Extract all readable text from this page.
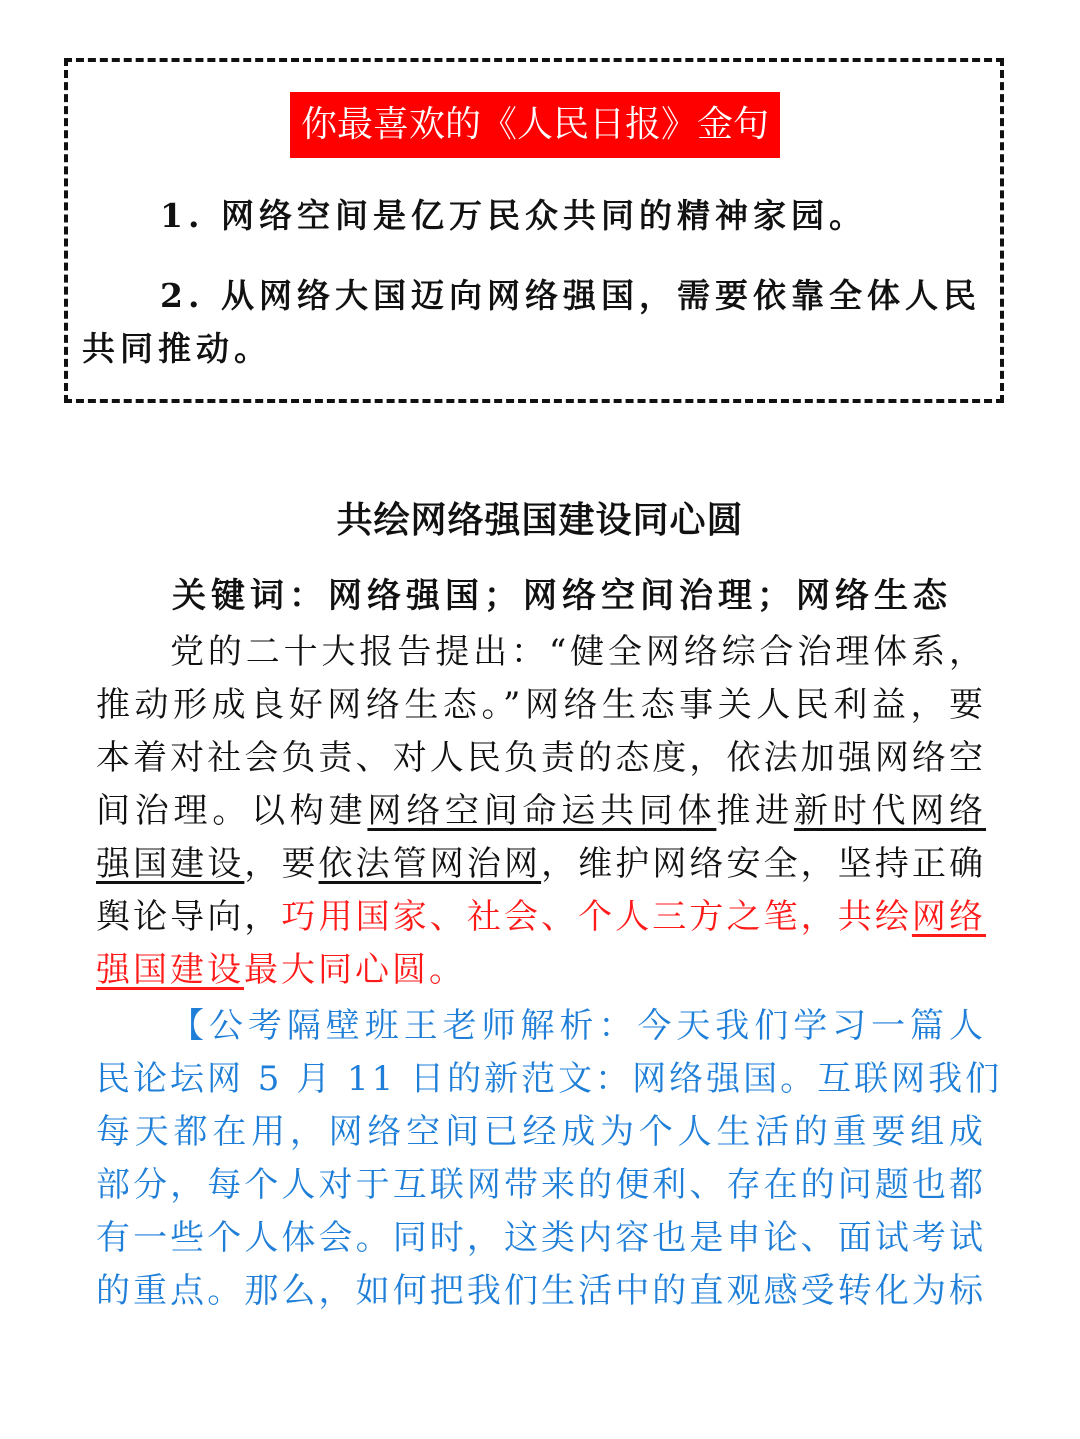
你最喜欢的《人民日报》金句
1. 网络空间是亿万民众共同的精神家园。
2. 从网络大国迈向网络强国，需要依靠全体人民
共同推动。
共绘网络强国建设同心圆
关键词：网络强国；网络空间治理；网络生态
党的二十大报告提出：“健全网络综合治理体系，
推动形成良好网络生态。”网络生态事关人民利益，要
本着对社会负责、对人民负责的态度，依法加强网络空
间治理。以构建网络空间命运共同体推进新时代网络
强国建设，要依法管网治网，维护网络安全，坚持正确
舆论导向，巧用国家、社会、个人三方之笔，共绘网络
强国建设最大同心圆。
【公考隔壁班王老师解析：今天我们学习一篇人
民论坛网 5 月 11 日的新范文：网络强国。互联网我们
每天都在用，网络空间已经成为个人生活的重要组成
部分，每个人对于互联网带来的便利、存在的问题也都
有一些个人体会。同时，这类内容也是申论、面试考试
的重点。那么，如何把我们生活中的直观感受转化为标
